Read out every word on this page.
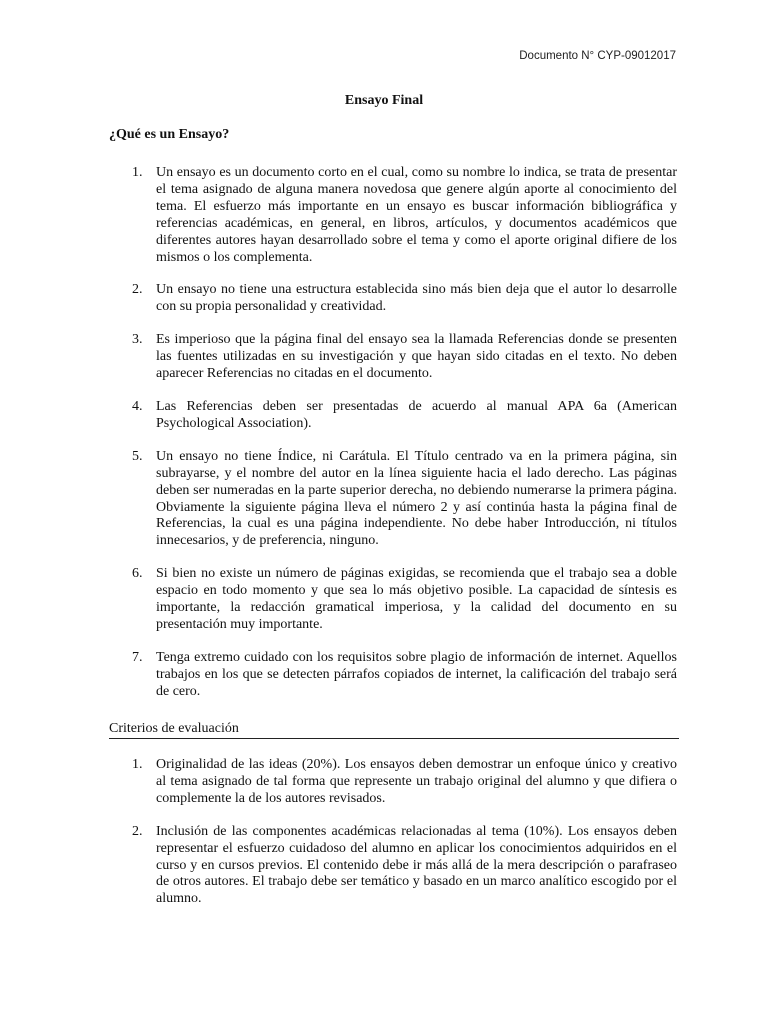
Documento N° CYP-09012017
Ensayo Final
¿Qué es un Ensayo?
1. Un ensayo es un documento corto en el cual, como su nombre lo indica, se trata de presentar el tema asignado de alguna manera novedosa que genere algún aporte al conocimiento del tema. El esfuerzo más importante en un ensayo es buscar información bibliográfica y referencias académicas, en general, en libros, artículos, y documentos académicos que diferentes autores hayan desarrollado sobre el tema y como el aporte original difiere de los mismos o los complementa.
2. Un ensayo no tiene una estructura establecida sino más bien deja que el autor lo desarrolle con su propia personalidad y creatividad.
3. Es imperioso que la página final del ensayo sea la llamada Referencias donde se presenten las fuentes utilizadas en su investigación y que hayan sido citadas en el texto. No deben aparecer Referencias no citadas en el documento.
4. Las Referencias deben ser presentadas de acuerdo al manual APA 6a (American Psychological Association).
5. Un ensayo no tiene Índice, ni Carátula. El Título centrado va en la primera página, sin subrayarse, y el nombre del autor en la línea siguiente hacia el lado derecho. Las páginas deben ser numeradas en la parte superior derecha, no debiendo numerarse la primera página. Obviamente la siguiente página lleva el número 2 y así continúa hasta la página final de Referencias, la cual es una página independiente. No debe haber Introducción, ni títulos innecesarios, y de preferencia, ninguno.
6. Si bien no existe un número de páginas exigidas, se recomienda que el trabajo sea a doble espacio en todo momento y que sea lo más objetivo posible. La capacidad de síntesis es importante, la redacción gramatical imperiosa, y la calidad del documento en su presentación muy importante.
7. Tenga extremo cuidado con los requisitos sobre plagio de información de internet. Aquellos trabajos en los que se detecten párrafos copiados de internet, la calificación del trabajo será de cero.
Criterios de evaluación
1. Originalidad de las ideas (20%). Los ensayos deben demostrar un enfoque único y creativo al tema asignado de tal forma que represente un trabajo original del alumno y que difiera o complemente la de los autores revisados.
2. Inclusión de las componentes académicas relacionadas al tema (10%). Los ensayos deben representar el esfuerzo cuidadoso del alumno en aplicar los conocimientos adquiridos en el curso y en cursos previos. El contenido debe ir más allá de la mera descripción o parafraseo de otros autores. El trabajo debe ser temático y basado en un marco analítico escogido por el alumno.
